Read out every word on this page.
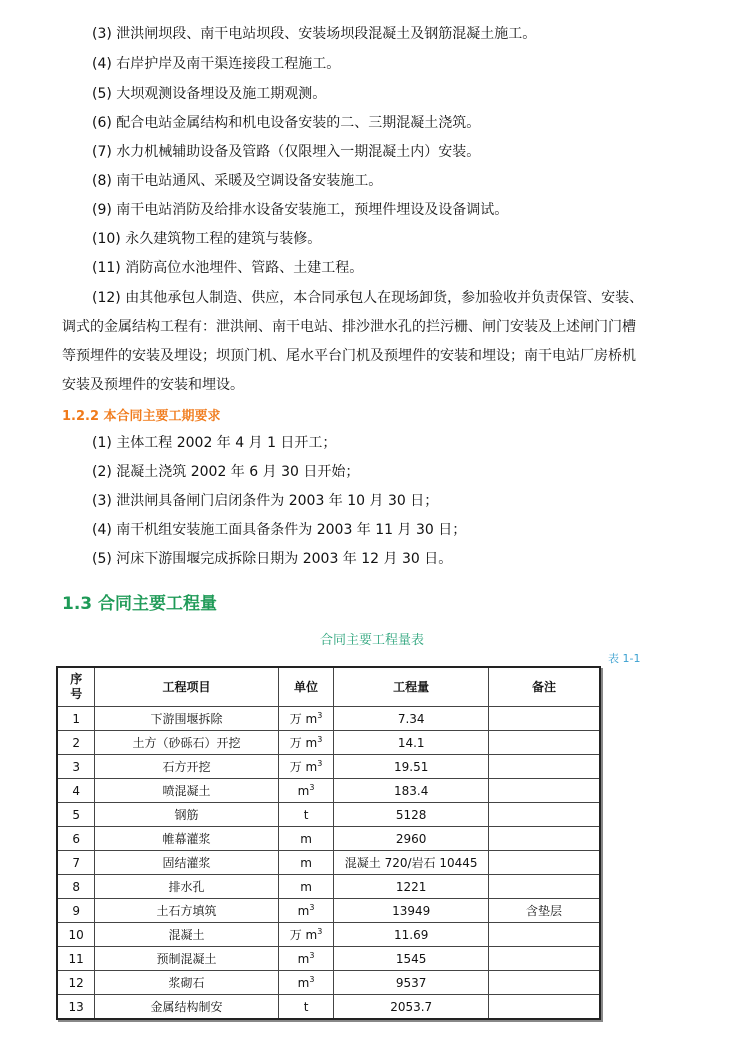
(3) 泄洪闸坝段、南干电站坝段、安装场坝段混凝土及钢筋混凝土施工。
(4) 右岸护岸及南干渠连接段工程施工。
(5) 大坝观测设备埋设及施工期观测。
(6) 配合电站金属结构和机电设备安装的二、三期混凝土浇筑。
(7) 水力机械辅助设备及管路（仅限埋入一期混凝土内）安装。
(8) 南干电站通风、采暖及空调设备安装施工。
(9) 南干电站消防及给排水设备安装施工，预埋件埋设及设备调试。
(10) 永久建筑物工程的建筑与装修。
(11) 消防高位水池埋件、管路、土建工程。
(12) 由其他承包人制造、供应，本合同承包人在现场卸货，参加验收并负责保管、安装、
调式的金属结构工程有：泄洪闸、南干电站、排沙泄水孔的拦污栅、闸门安装及上述闸门门槽
等预埋件的安装及埋设；坝顶门机、尾水平台门机及预埋件的安装和埋设；南干电站厂房桥机
安装及预埋件的安装和埋设。
1.2.2 本合同主要工期要求
(1) 主体工程 2002 年 4 月 1 日开工；
(2) 混凝土浇筑 2002 年 6 月 30 日开始；
(3) 泄洪闸具备闸门启闭条件为 2003 年 10 月 30 日；
(4) 南干机组安装施工面具备条件为 2003 年 11 月 30 日；
(5) 河床下游围堰完成拆除日期为 2003 年 12 月 30 日。
1.3 合同主要工程量
合同主要工程量表
表 1-1
序
号	工程项目	单位	工程量	备注
1	下游围堰拆除	万 $m^3$	7.34	
2	土方（砂砾石）开挖	万 $m^3$	14.1	
3	石方开挖	万 $m^3$	19.51	
4	喷混凝土	$m^3$	183.4	
5	钢筋	t	5128	
6	帷幕灌浆	m	2960	
7	固结灌浆	m	混凝土 720/岩石 10445	
8	排水孔	m	1221	
9	土石方填筑	$m^3$	13949	含垫层
10	混凝土	万 $m^3$	11.69	
11	预制混凝土	$m^3$	1545	
12	浆砌石	$m^3$	9537	
13	金属结构制安	t	2053.7	
